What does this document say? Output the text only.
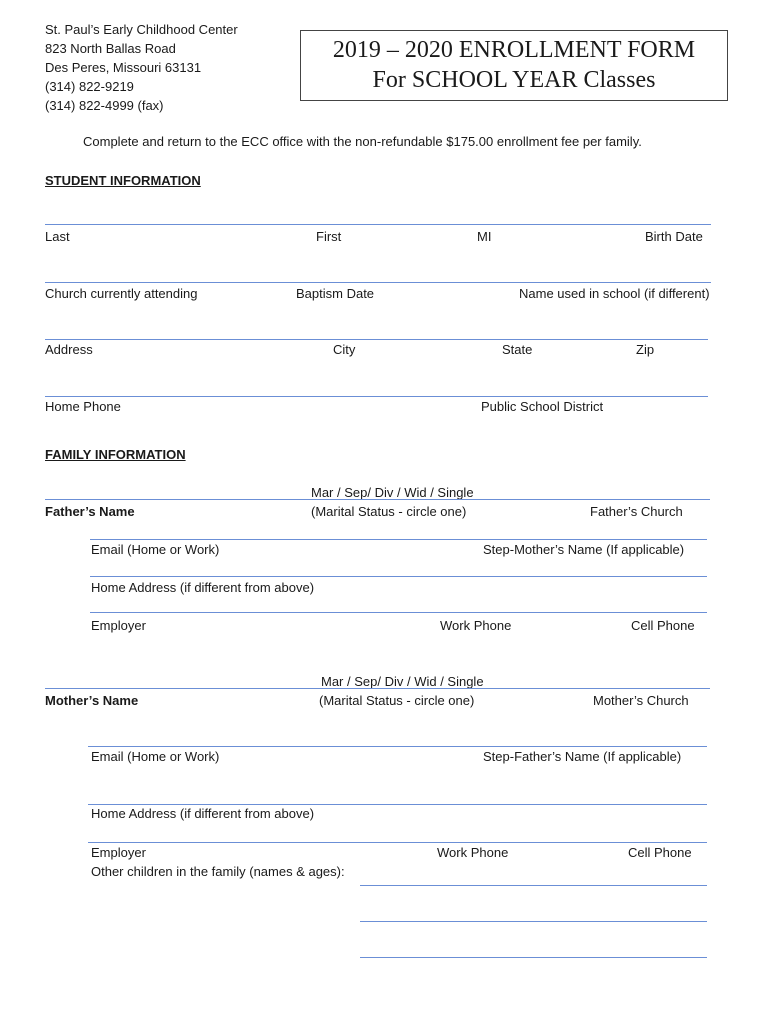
St. Paul’s Early Childhood Center
823 North Ballas Road
Des Peres, Missouri 63131
(314) 822-9219
(314) 822-4999 (fax)
2019 – 2020 ENROLLMENT FORM
For SCHOOL YEAR Classes
Complete and return to the ECC office with the non-refundable $175.00 enrollment fee per family.
STUDENT INFORMATION
Last	First	MI	Birth Date
Church currently attending	Baptism Date	Name used in school (if different)
Address	City	State	Zip
Home Phone	Public School District
FAMILY INFORMATION
Mar / Sep/ Div / Wid / Single
Father’s Name	(Marital Status - circle one)	Father’s Church
Email (Home or Work)	Step-Mother’s Name (If applicable)
Home Address (if different from above)
Employer	Work Phone	Cell Phone
Mar / Sep/ Div / Wid / Single
Mother’s Name	(Marital Status - circle one)	Mother’s Church
Email (Home or Work)	Step-Father’s Name (If applicable)
Home Address (if different from above)
Employer	Work Phone	Cell Phone
Other children in the family (names & ages):
